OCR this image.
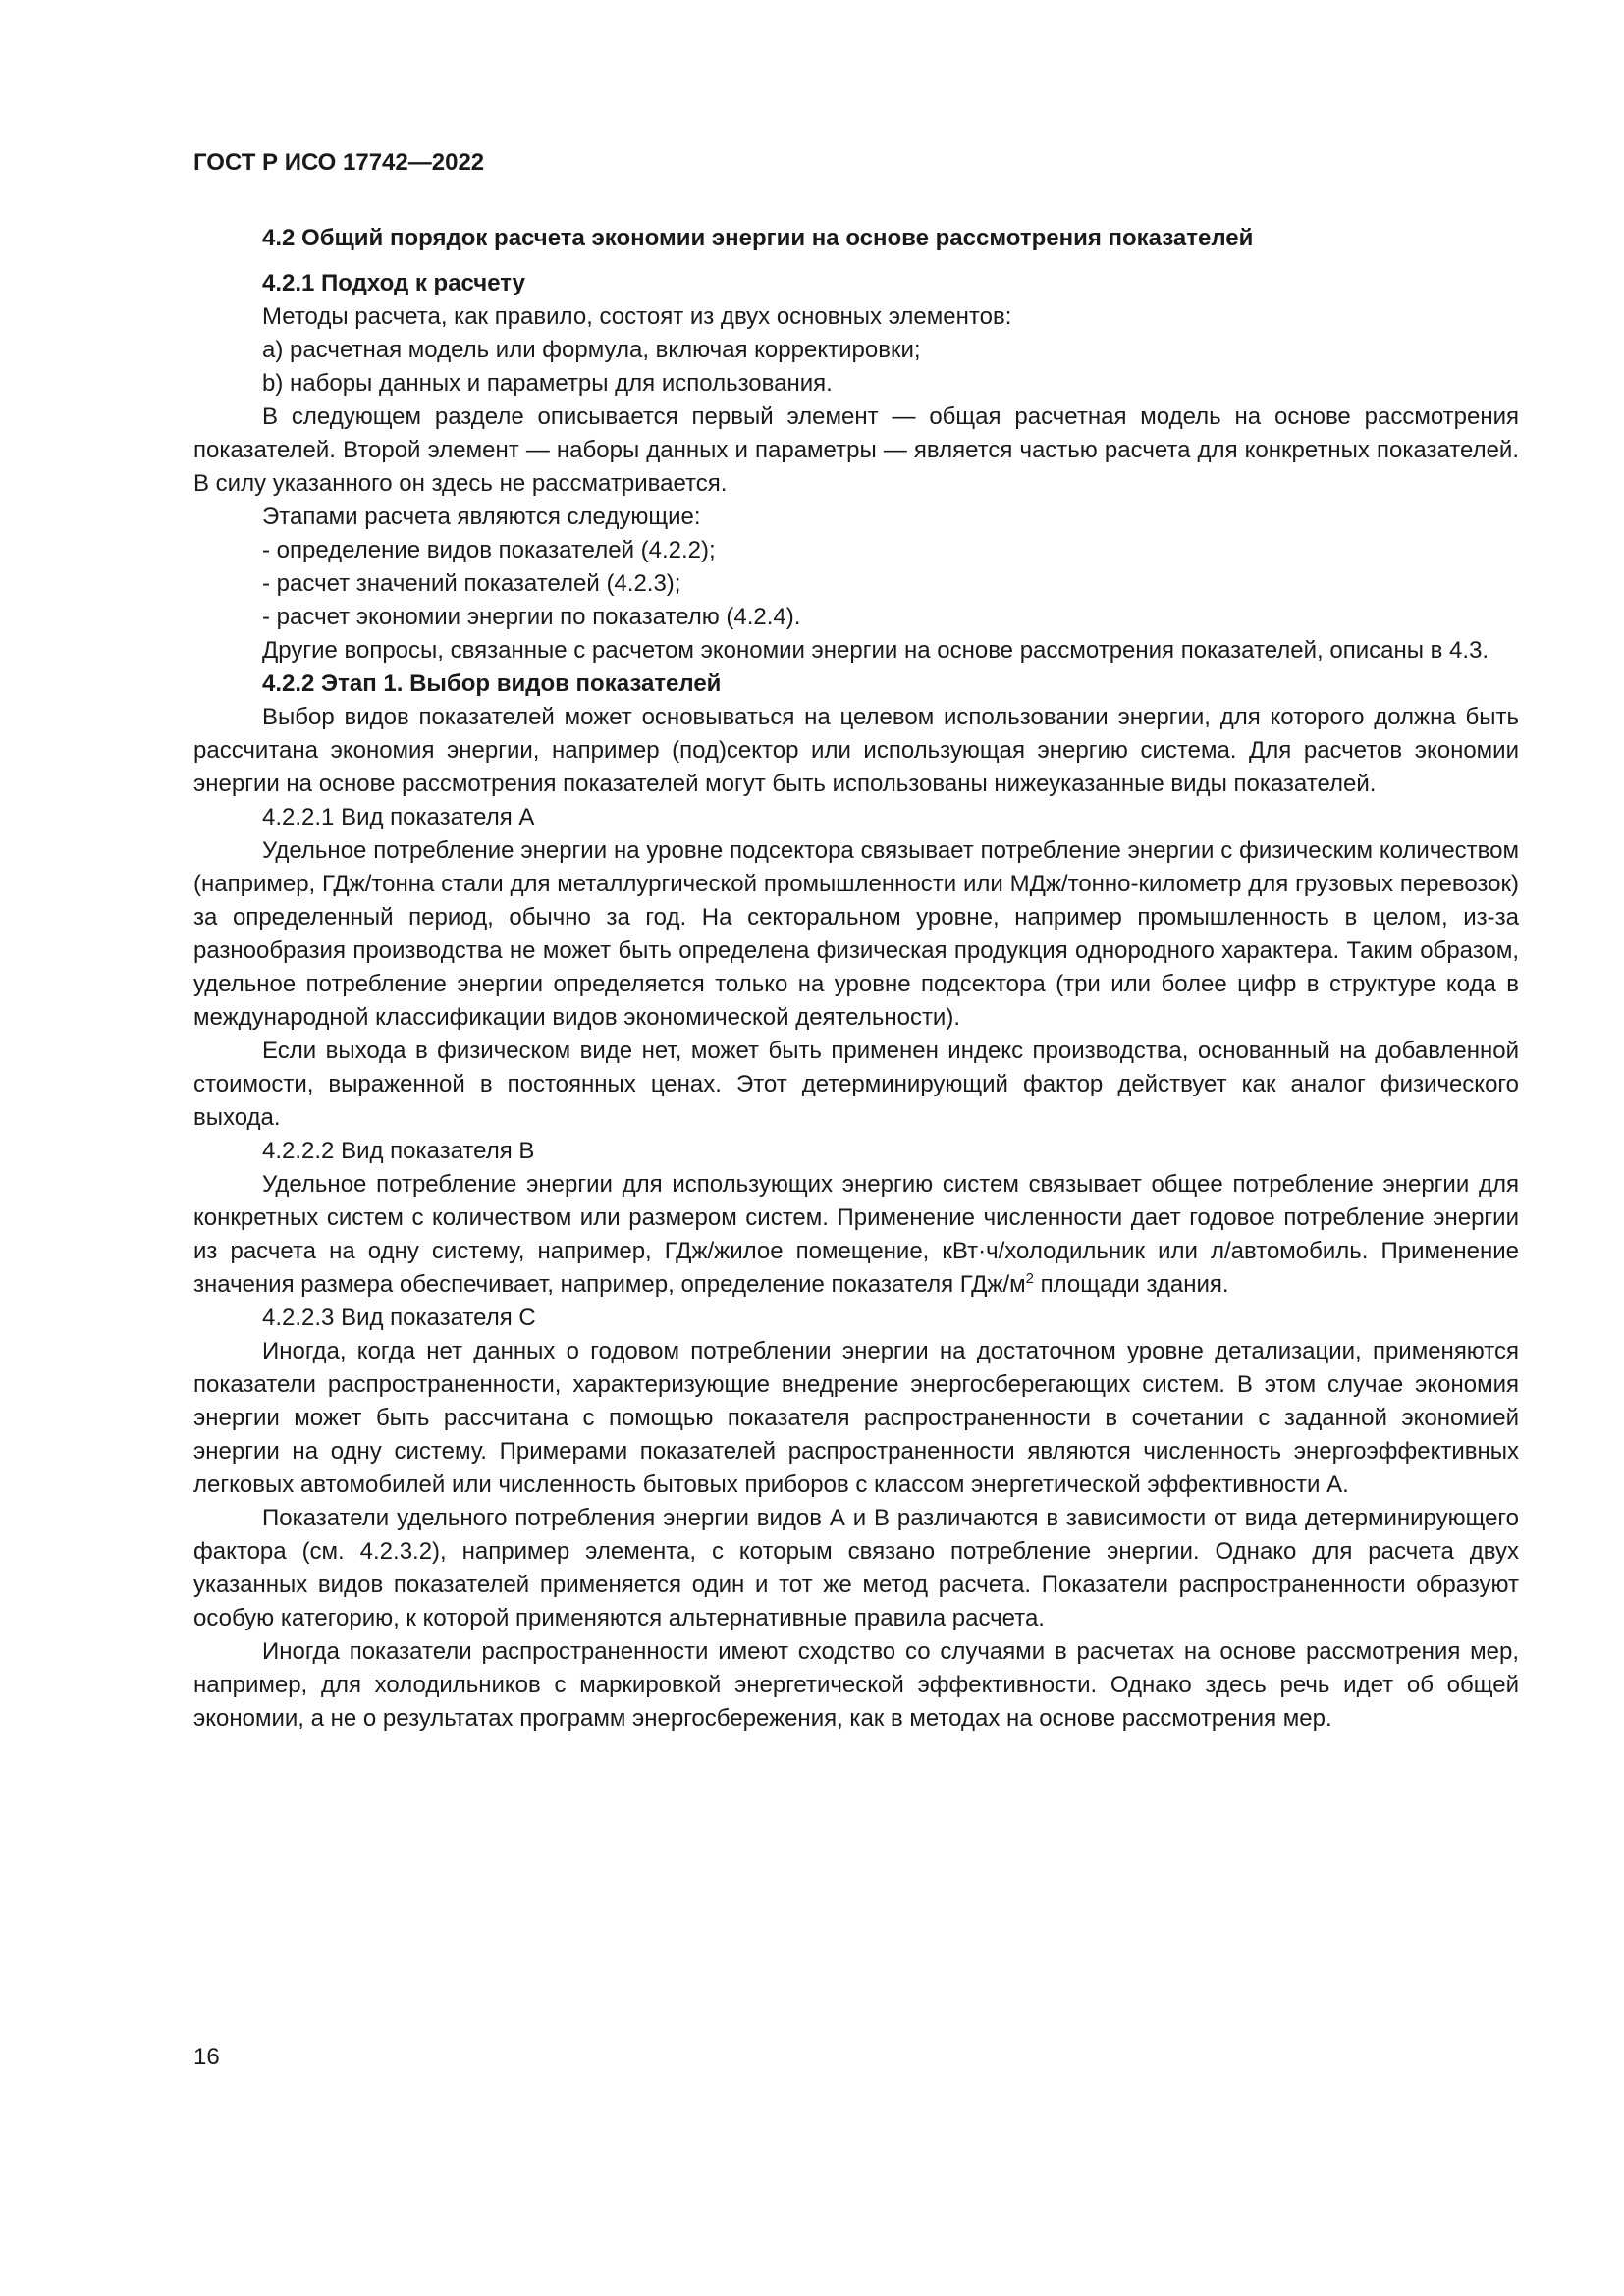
ГОСТ Р ИСО 17742—2022

4.2 Общий порядок расчета экономии энергии на основе рассмотрения показателей

4.2.1 Подход к расчету

Методы расчета, как правило, состоят из двух основных элементов:

a) расчетная модель или формула, включая корректировки;

b) наборы данных и параметры для использования.

В следующем разделе описывается первый элемент — общая расчетная модель на основе рассмотрения показателей. Второй элемент — наборы данных и параметры — является частью расчета для конкретных показателей. В силу указанного он здесь не рассматривается.

Этапами расчета являются следующие:

- определение видов показателей (4.2.2);

- расчет значений показателей (4.2.3);

- расчет экономии энергии по показателю (4.2.4).

Другие вопросы, связанные с расчетом экономии энергии на основе рассмотрения показателей, описаны в 4.3.

4.2.2 Этап 1. Выбор видов показателей

Выбор видов показателей может основываться на целевом использовании энергии, для которого должна быть рассчитана экономия энергии, например (под)сектор или использующая энергию система. Для расчетов экономии энергии на основе рассмотрения показателей могут быть использованы нижеуказанные виды показателей.

4.2.2.1 Вид показателя А

Удельное потребление энергии на уровне подсектора связывает потребление энергии с физическим количеством (например, ГДж/тонна стали для металлургической промышленности или МДж/тонно-километр для грузовых перевозок) за определенный период, обычно за год. На секторальном уровне, например промышленность в целом, из-за разнообразия производства не может быть определена физическая продукция однородного характера. Таким образом, удельное потребление энергии определяется только на уровне подсектора (три или более цифр в структуре кода в международной классификации видов экономической деятельности).

Если выхода в физическом виде нет, может быть применен индекс производства, основанный на добавленной стоимости, выраженной в постоянных ценах. Этот детерминирующий фактор действует как аналог физического выхода.

4.2.2.2 Вид показателя В

Удельное потребление энергии для использующих энергию систем связывает общее потребление энергии для конкретных систем с количеством или размером систем. Применение численности дает годовое потребление энергии из расчета на одну систему, например, ГДж/жилое помещение, кВт·ч/холодильник или л/автомобиль. Применение значения размера обеспечивает, например, определение показателя ГДж/$м^2$ площади здания.

4.2.2.3 Вид показателя С

Иногда, когда нет данных о годовом потреблении энергии на достаточном уровне детализации, применяются показатели распространенности, характеризующие внедрение энергосберегающих систем. В этом случае экономия энергии может быть рассчитана с помощью показателя распространенности в сочетании с заданной экономией энергии на одну систему. Примерами показателей распространенности являются численность энергоэффективных легковых автомобилей или численность бытовых приборов с классом энергетической эффективности А.

Показатели удельного потребления энергии видов А и В различаются в зависимости от вида детерминирующего фактора (см. 4.2.3.2), например элемента, с которым связано потребление энергии. Однако для расчета двух указанных видов показателей применяется один и тот же метод расчета. Показатели распространенности образуют особую категорию, к которой применяются альтернативные правила расчета.

Иногда показатели распространенности имеют сходство со случаями в расчетах на основе рассмотрения мер, например, для холодильников с маркировкой энергетической эффективности. Однако здесь речь идет об общей экономии, а не о результатах программ энергосбережения, как в методах на основе рассмотрения мер.

16
